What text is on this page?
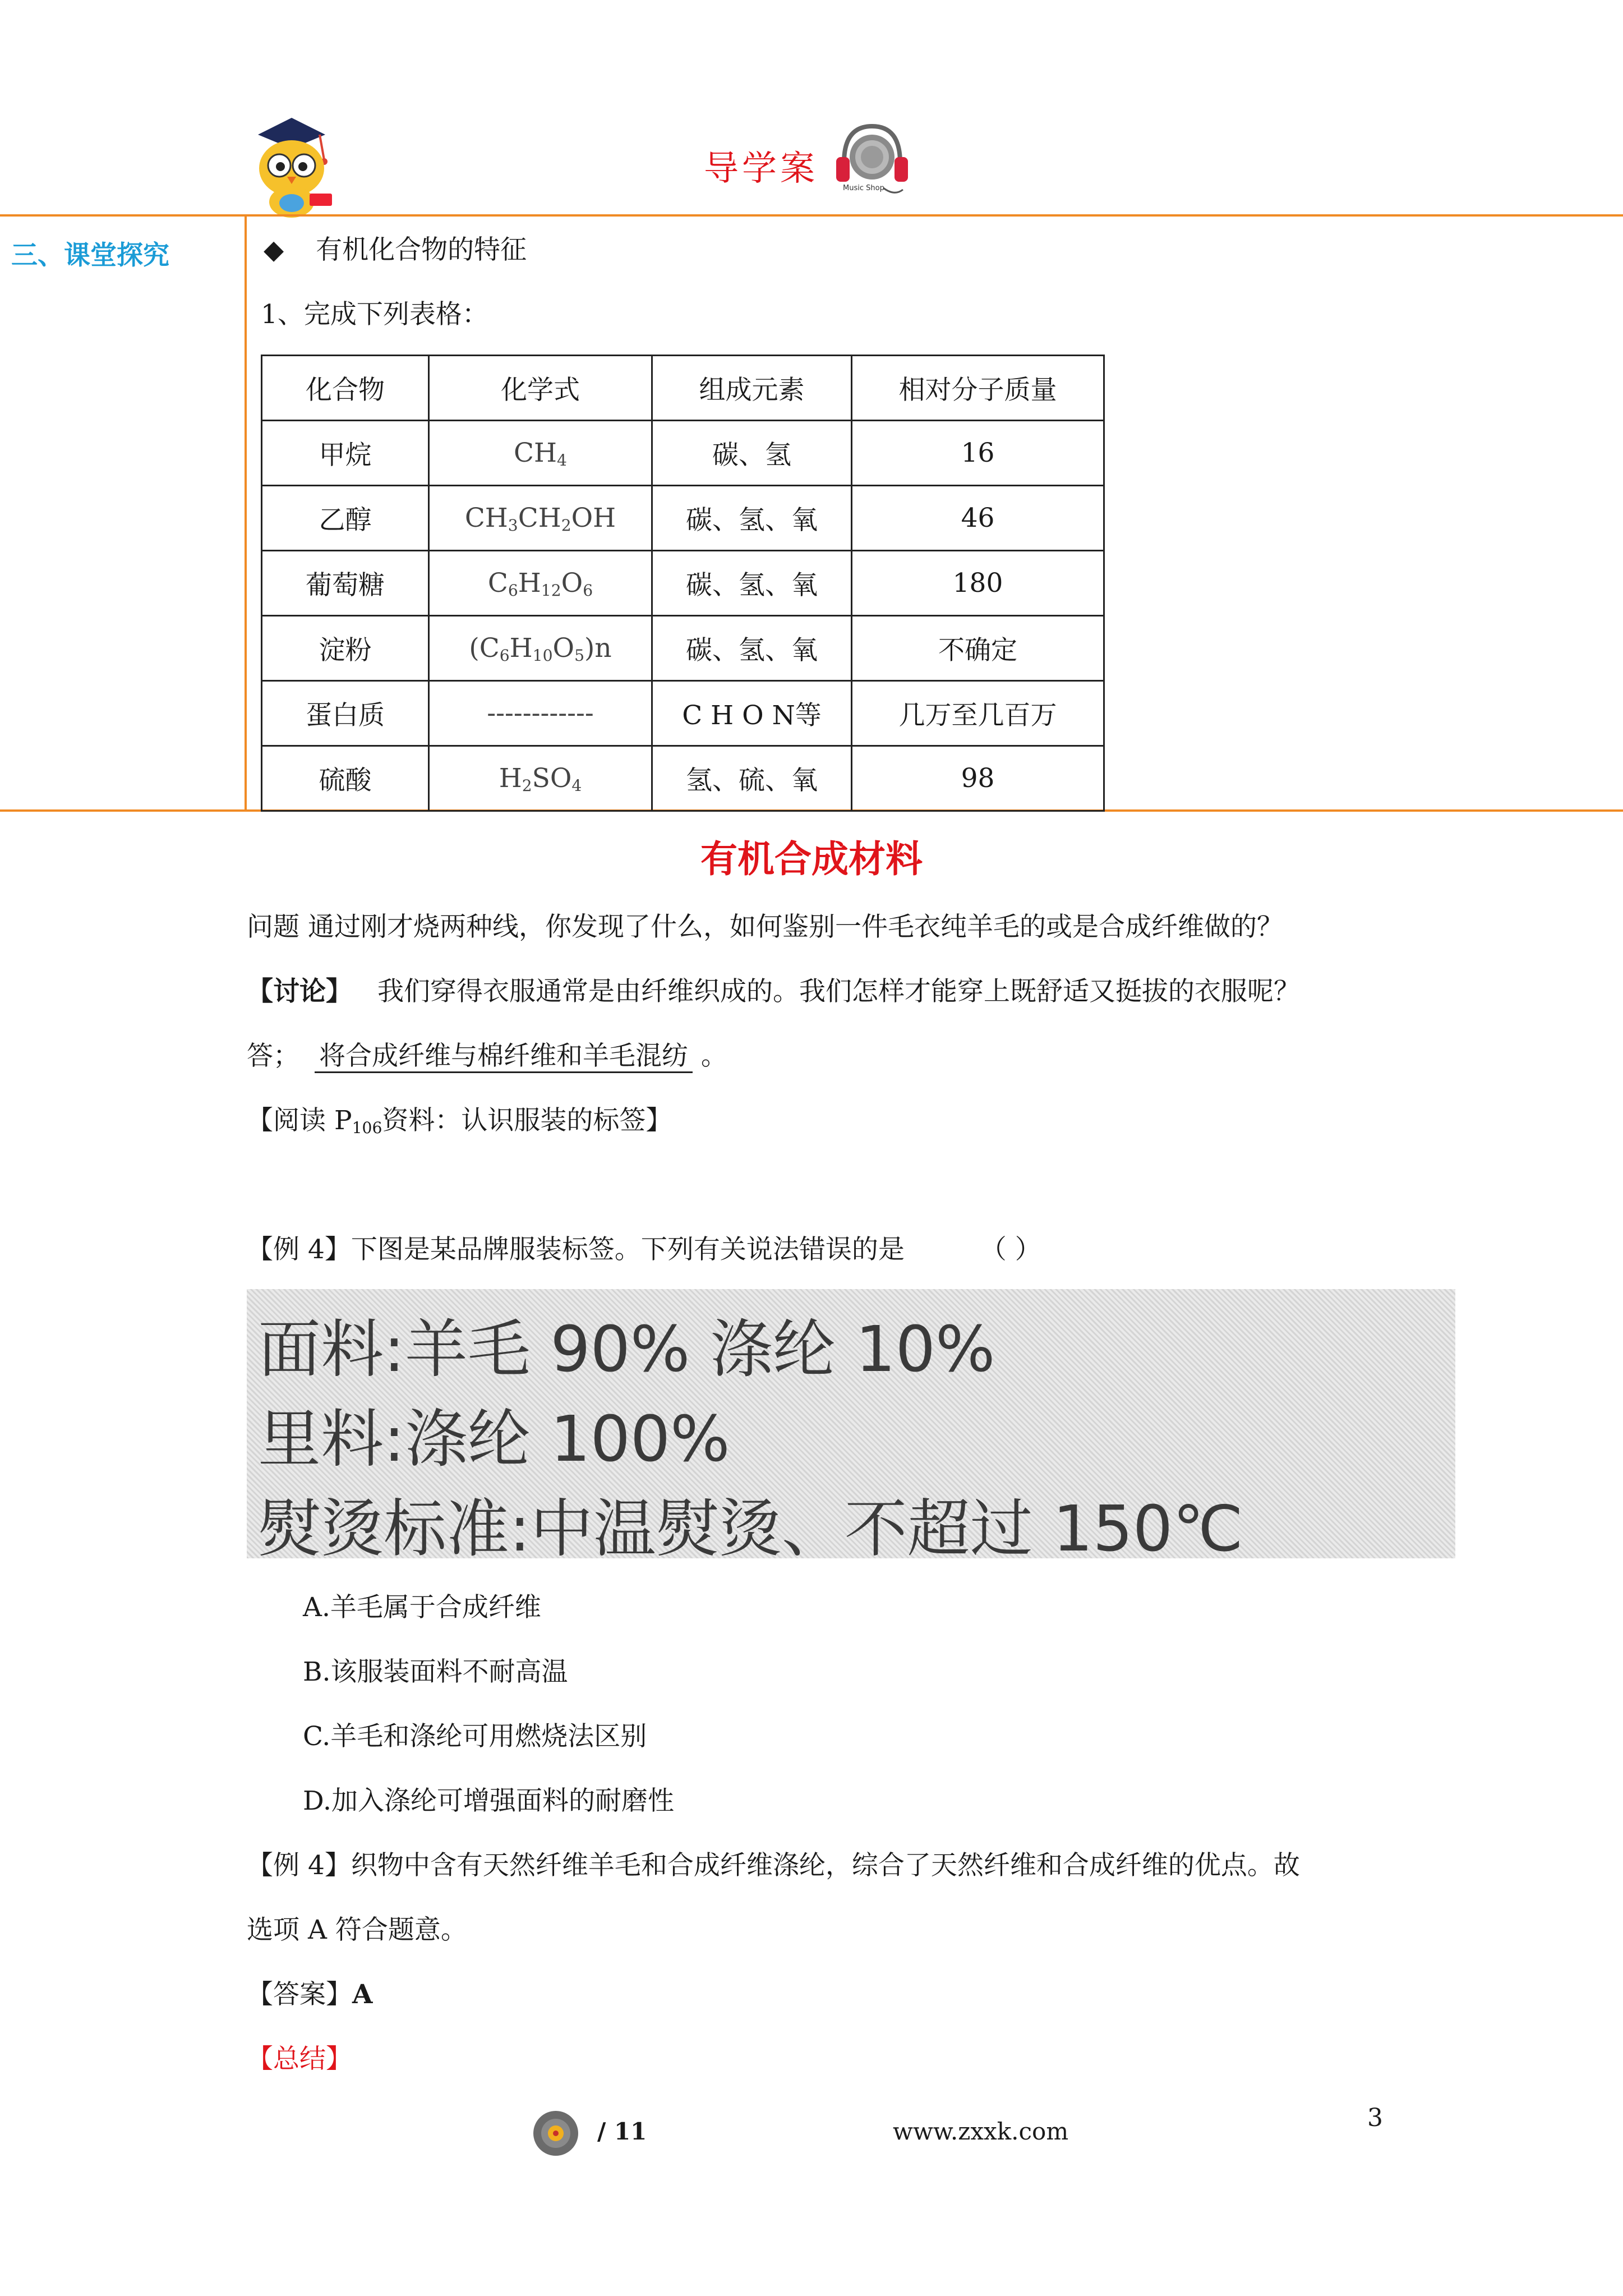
导学案	Music Shop
三、课堂探究	◆ 有机化合物的特征
1、完成下列表格：
化合物	化学式	组成元素	相对分子质量
甲烷	$CH_4$	碳、氢	16
乙醇	$CH_3CH_2OH$	碳、氢、氧	46
葡萄糖	$C_6H_{12}O_6$	碳、氢、氧	180
淀粉	$(C_6H_{10}O_5)n$	碳、氢、氧	不确定
蛋白质	------------	C H O N等	几万至几百万
硫酸	$H_2SO_4$	氢、硫、氧	98
有机合成材料
问题 通过刚才烧两种线，你发现了什么，如何鉴别一件毛衣纯羊毛的或是合成纤维做的？
【讨论】 我们穿得衣服通常是由纤维织成的。我们怎样才能穿上既舒适又挺拔的衣服呢？
答； 将合成纤维与棉纤维和羊毛混纺 。
【阅读 $P_{106}$资料：认识服装的标签】
【例 4】下图是某品牌服装标签。下列有关说法错误的是	（ ）
面料:羊毛 90% 涤纶 10%
里料:涤纶 100%
熨烫标准:中温熨烫、不超过 150℃
A.羊毛属于合成纤维
B.该服装面料不耐高温
C.羊毛和涤纶可用燃烧法区别
D.加入涤纶可增强面料的耐磨性
【例 4】织物中含有天然纤维羊毛和合成纤维涤纶，综合了天然纤维和合成纤维的优点。故
选项 A 符合题意。
【答案】A
【总结】
/ 11	www.zxxk.com	3
